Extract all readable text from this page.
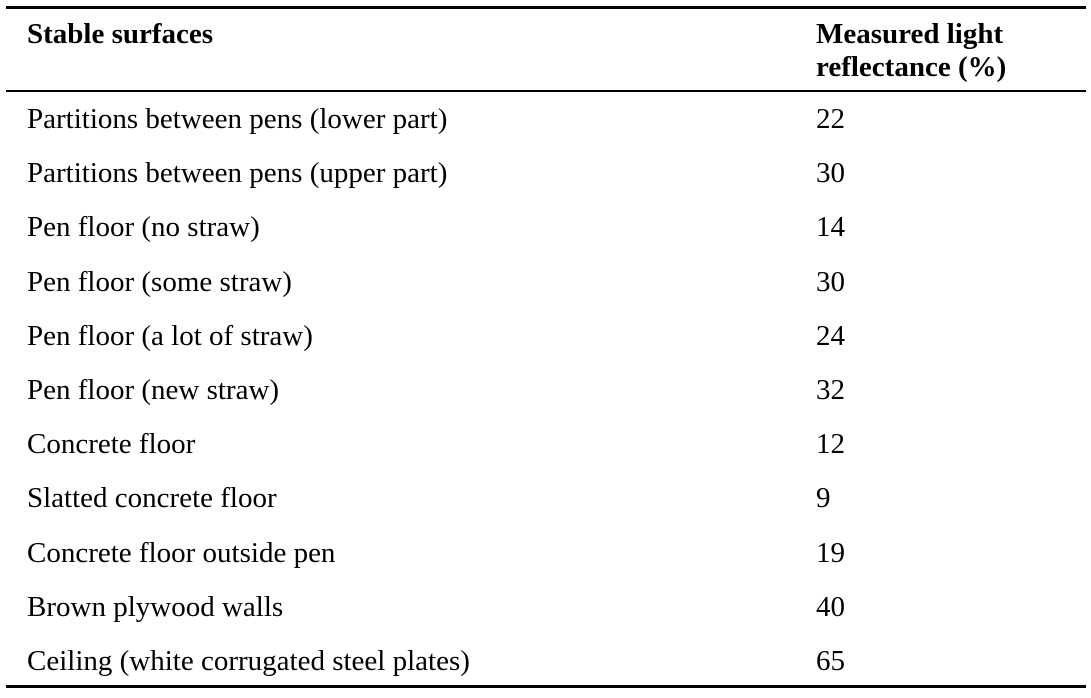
Stable surfaces	Measured light
reflectance (%)
Partitions between pens (lower part)	22
Partitions between pens (upper part)	30
Pen floor (no straw)	14
Pen floor (some straw)	30
Pen floor (a lot of straw)	24
Pen floor (new straw)	32
Concrete floor	12
Slatted concrete floor	9
Concrete floor outside pen	19
Brown plywood walls	40
Ceiling (white corrugated steel plates)	65
